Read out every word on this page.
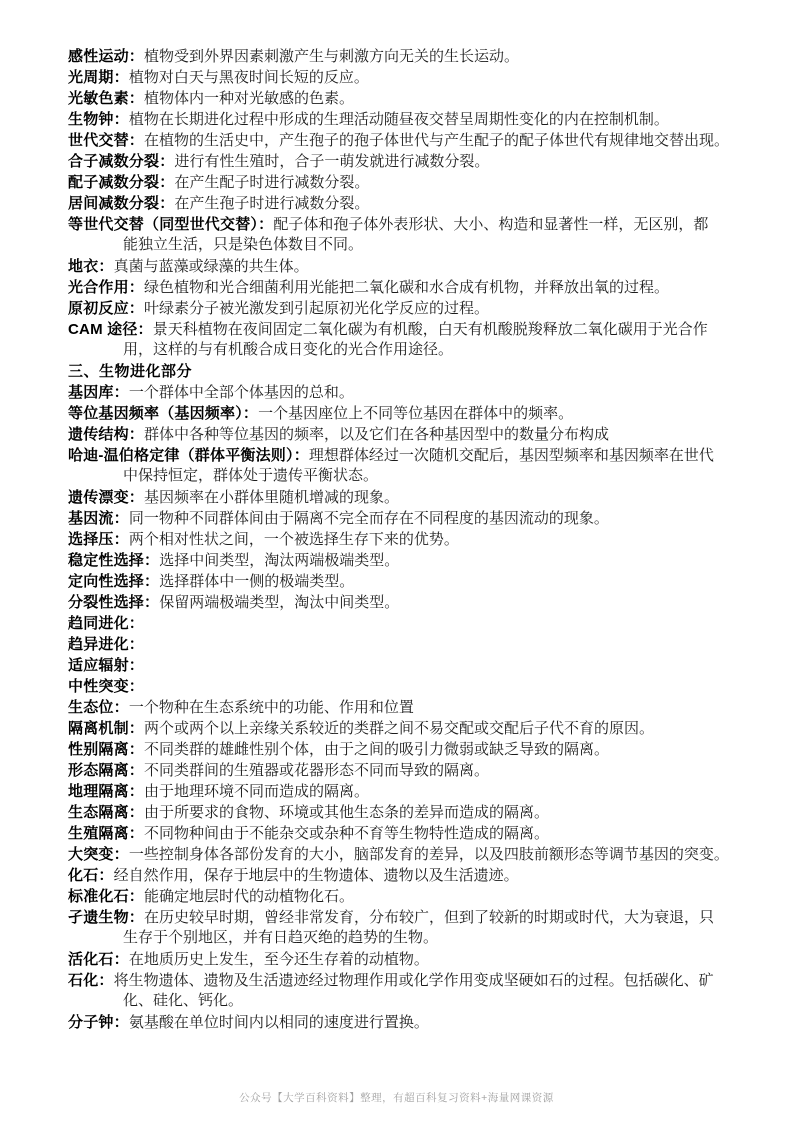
感性运动：植物受到外界因素刺激产生与刺激方向无关的生长运动。
光周期：植物对白天与黑夜时间长短的反应。
光敏色素：植物体内一种对光敏感的色素。
生物钟：植物在长期进化过程中形成的生理活动随昼夜交替呈周期性变化的内在控制机制。
世代交替：在植物的生活史中，产生孢子的孢子体世代与产生配子的配子体世代有规律地交替出现。
合子减数分裂：进行有性生殖时，合子一萌发就进行减数分裂。
配子减数分裂：在产生配子时进行减数分裂。
居间减数分裂：在产生孢子时进行减数分裂。
等世代交替（同型世代交替）：配子体和孢子体外表形状、大小、构造和显著性一样，无区别，都
能独立生活，只是染色体数目不同。
地衣：真菌与蓝藻或绿藻的共生体。
光合作用：绿色植物和光合细菌利用光能把二氧化碳和水合成有机物，并释放出氧的过程。
原初反应：叶绿素分子被光激发到引起原初光化学反应的过程。
CAM 途径：景天科植物在夜间固定二氧化碳为有机酸，白天有机酸脱羧释放二氧化碳用于光合作
用，这样的与有机酸合成日变化的光合作用途径。
三、生物进化部分
基因库：一个群体中全部个体基因的总和。
等位基因频率（基因频率）：一个基因座位上不同等位基因在群体中的频率。
遗传结构：群体中各种等位基因的频率，以及它们在各种基因型中的数量分布构成
哈迪-温伯格定律（群体平衡法则）：理想群体经过一次随机交配后，基因型频率和基因频率在世代
中保持恒定，群体处于遗传平衡状态。
遗传漂变：基因频率在小群体里随机增减的现象。
基因流：同一物种不同群体间由于隔离不完全而存在不同程度的基因流动的现象。
选择压：两个相对性状之间，一个被选择生存下来的优势。
稳定性选择：选择中间类型，淘汰两端极端类型。
定向性选择：选择群体中一侧的极端类型。
分裂性选择：保留两端极端类型，淘汰中间类型。
趋同进化：
趋异进化：
适应辐射：
中性突变：
生态位：一个物种在生态系统中的功能、作用和位置
隔离机制：两个或两个以上亲缘关系较近的类群之间不易交配或交配后子代不育的原因。
性别隔离：不同类群的雄雌性别个体，由于之间的吸引力微弱或缺乏导致的隔离。
形态隔离：不同类群间的生殖器或花器形态不同而导致的隔离。
地理隔离：由于地理环境不同而造成的隔离。
生态隔离：由于所要求的食物、环境或其他生态条的差异而造成的隔离。
生殖隔离：不同物种间由于不能杂交或杂种不育等生物特性造成的隔离。
大突变：一些控制身体各部份发育的大小，脑部发育的差异，以及四肢前额形态等调节基因的突变。
化石：经自然作用，保存于地层中的生物遗体、遗物以及生活遗迹。
标准化石：能确定地层时代的动植物化石。
孑遗生物：在历史较早时期，曾经非常发育，分布较广，但到了较新的时期或时代，大为衰退，只
生存于个别地区，并有日趋灭绝的趋势的生物。
活化石：在地质历史上发生，至今还生存着的动植物。
石化：将生物遗体、遗物及生活遗迹经过物理作用或化学作用变成坚硬如石的过程。包括碳化、矿
化、硅化、钙化。
分子钟：氨基酸在单位时间内以相同的速度进行置换。
公众号【大学百科资料】整理，有超百科复习资料+海量网课资源
